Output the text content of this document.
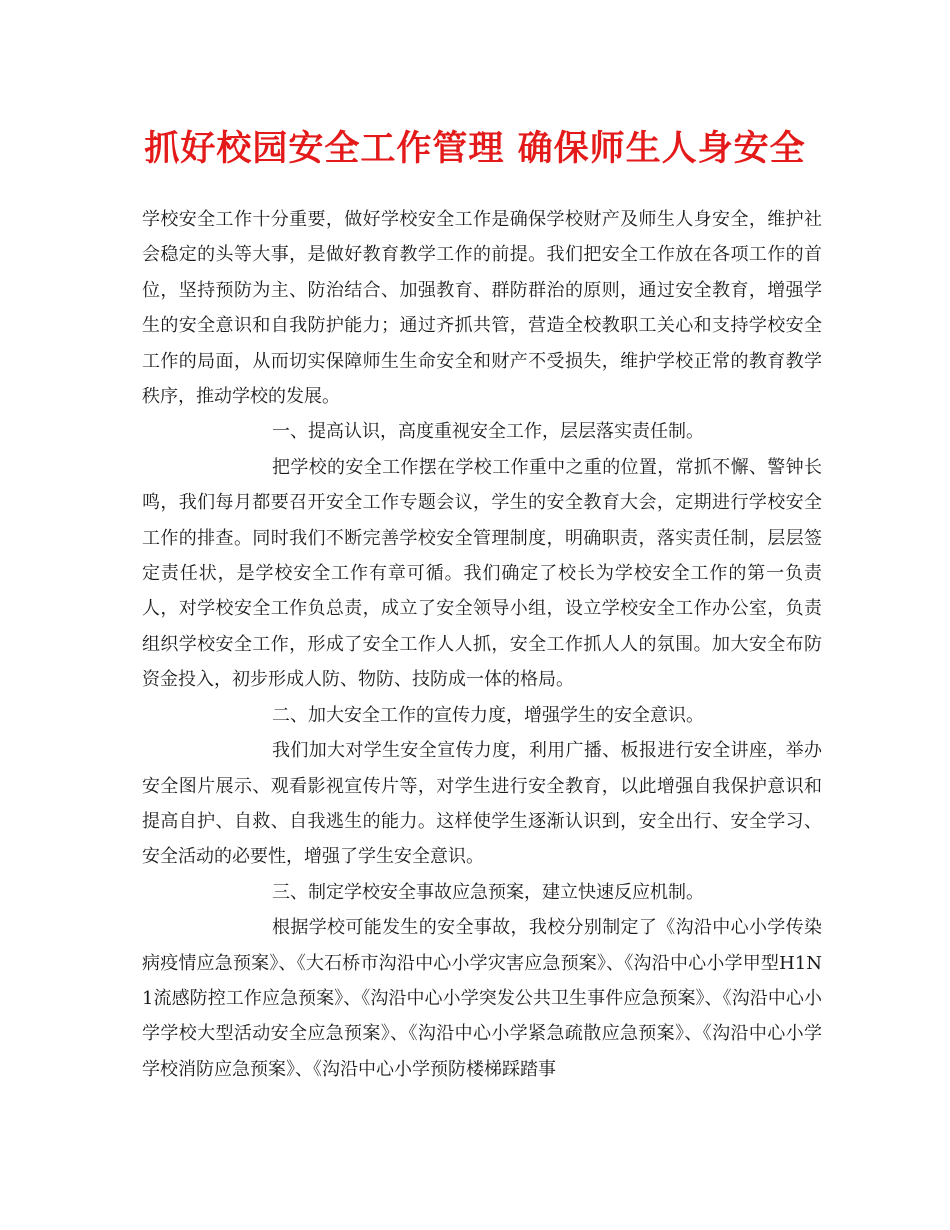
抓好校园安全工作管理 确保师生人身安全

学校安全工作十分重要，做好学校安全工作是确保学校财产及师生人身安全，维护社会稳定的头等大事，是做好教育教学工作的前提。我们把安全工作放在各项工作的首位，坚持预防为主、防治结合、加强教育、群防群治的原则，通过安全教育，增强学生的安全意识和自我防护能力；通过齐抓共管，营造全校教职工关心和支持学校安全工作的局面，从而切实保障师生生命安全和财产不受损失，维护学校正常的教育教学秩序，推动学校的发展。

一、提高认识，高度重视安全工作，层层落实责任制。

把学校的安全工作摆在学校工作重中之重的位置，常抓不懈、警钟长鸣，我们每月都要召开安全工作专题会议，学生的安全教育大会，定期进行学校安全工作的排查。同时我们不断完善学校安全管理制度，明确职责，落实责任制，层层签定责任状，是学校安全工作有章可循。我们确定了校长为学校安全工作的第一负责人，对学校安全工作负总责，成立了安全领导小组，设立学校安全工作办公室，负责组织学校安全工作，形成了安全工作人人抓，安全工作抓人人的氛围。加大安全布防资金投入，初步形成人防、物防、技防成一体的格局。

二、加大安全工作的宣传力度，增强学生的安全意识。

我们加大对学生安全宣传力度，利用广播、板报进行安全讲座，举办安全图片展示、观看影视宣传片等，对学生进行安全教育，以此增强自我保护意识和提高自护、自救、自我逃生的能力。这样使学生逐渐认识到，安全出行、安全学习、安全活动的必要性，增强了学生安全意识。

三、制定学校安全事故应急预案，建立快速反应机制。

根据学校可能发生的安全事故，我校分别制定了《沟沿中心小学传染病疫情应急预案》、《大石桥市沟沿中心小学灾害应急预案》、《沟沿中心小学甲型H1N1流感防控工作应急预案》、《沟沿中心小学突发公共卫生事件应急预案》、《沟沿中心小学学校大型活动安全应急预案》、《沟沿中心小学紧急疏散应急预案》、《沟沿中心小学学校消防应急预案》、《沟沿中心小学预防楼梯踩踏事
